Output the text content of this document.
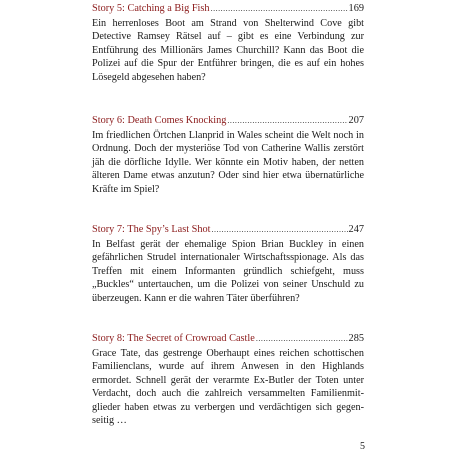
Story 5: Catching a Big Fish .....	169
Ein herrenloses Boot am Strand von Shelterwind Cove gibt Detective Ramsey Rätsel auf – gibt es eine Verbindung zur Entführung des Millionärs James Churchill? Kann das Boot die Polizei auf die Spur der Entführer bringen, die es auf ein hohes Lösegeld abgesehen haben?
Story 6: Death Comes Knocking .....	207
Im friedlichen Örtchen Llanprid in Wales scheint die Welt noch in Ordnung. Doch der mysteriöse Tod von Catherine Wallis zerstört jäh die dörfliche Idylle. Wer könnte ein Motiv haben, der netten älteren Dame etwas anzutun? Oder sind hier etwa übernatürliche Kräfte im Spiel?
Story 7: The Spy’s Last Shot .....	247
In Belfast gerät der ehemalige Spion Brian Buckley in einen gefährlichen Strudel internationaler Wirtschaftsspionage. Als das Treffen mit einem Informanten gründlich schiefgeht, muss „Buckles“ untertauchen, um die Polizei von seiner Unschuld zu überzeugen. Kann er die wahren Täter überführen?
Story 8: The Secret of Crowroad Castle .....	285
Grace Tate, das gestrenge Oberhaupt eines reichen schottischen Familienclans, wurde auf ihrem Anwesen in den Highlands ermordet. Schnell gerät der verarmte Ex-Butler der Toten unter Verdacht, doch auch die zahlreich versammelten Familienmitglieder haben etwas zu verbergen und verdächtigen sich gegenseitig …
5
